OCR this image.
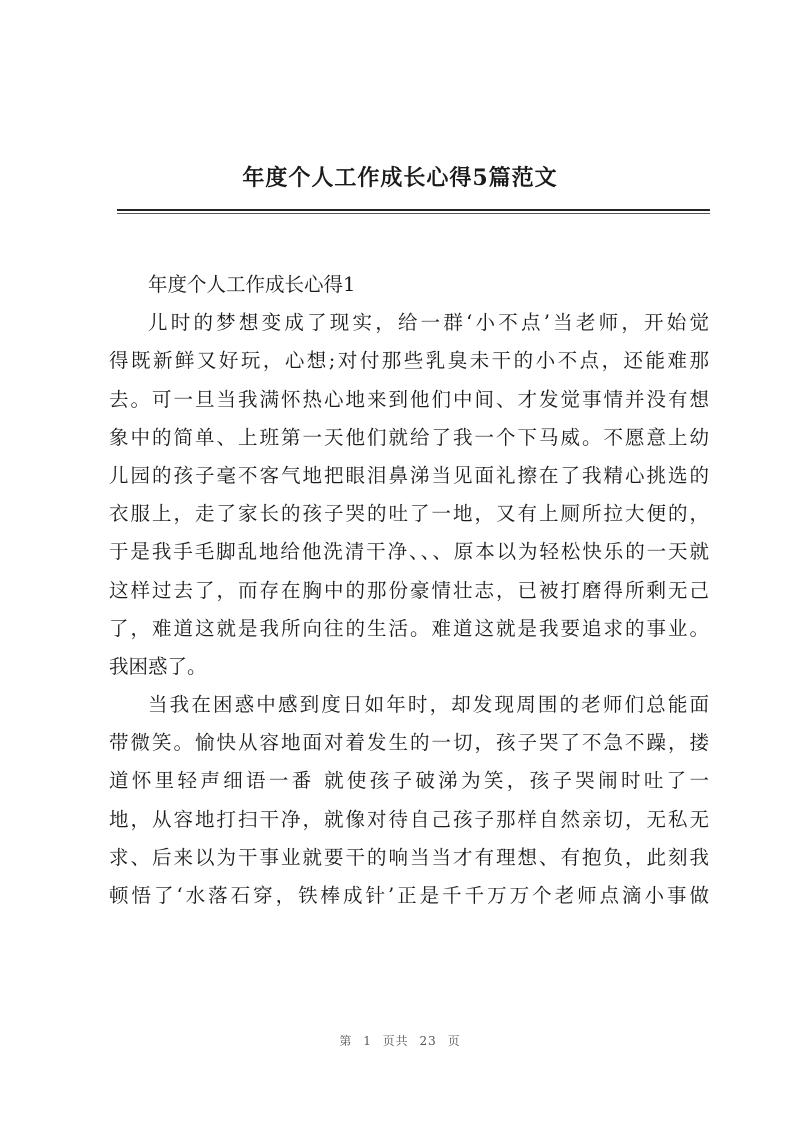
年度个人工作成长心得5篇范文
年度个人工作成长心得1
儿时的梦想变成了现实，给一群‘小不点’当老师，开始觉
得既新鲜又好玩，心想;对付那些乳臭未干的小不点，还能难那
去。可一旦当我满怀热心地来到他们中间、才发觉事情并没有想
象中的简单、上班第一天他们就给了我一个下马威。不愿意上幼
儿园的孩子毫不客气地把眼泪鼻涕当见面礼擦在了我精心挑选的
衣服上，走了家长的孩子哭的吐了一地，又有上厕所拉大便的，
于是我手毛脚乱地给他洗清干净、、、原本以为轻松快乐的一天就
这样过去了，而存在胸中的那份豪情壮志，已被打磨得所剩无己
了，难道这就是我所向往的生活。难道这就是我要追求的事业。
我困惑了。
当我在困惑中感到度日如年时，却发现周围的老师们总能面
带微笑。愉快从容地面对着发生的一切，孩子哭了不急不躁，搂
道怀里轻声细语一番 就使孩子破涕为笑，孩子哭闹时吐了一
地，从容地打扫干净，就像对待自己孩子那样自然亲切，无私无
求、后来以为干事业就要干的响当当才有理想、有抱负，此刻我
顿悟了‘水落石穿，铁棒成针’正是千千万万个老师点滴小事做
第 1 页共 23 页
